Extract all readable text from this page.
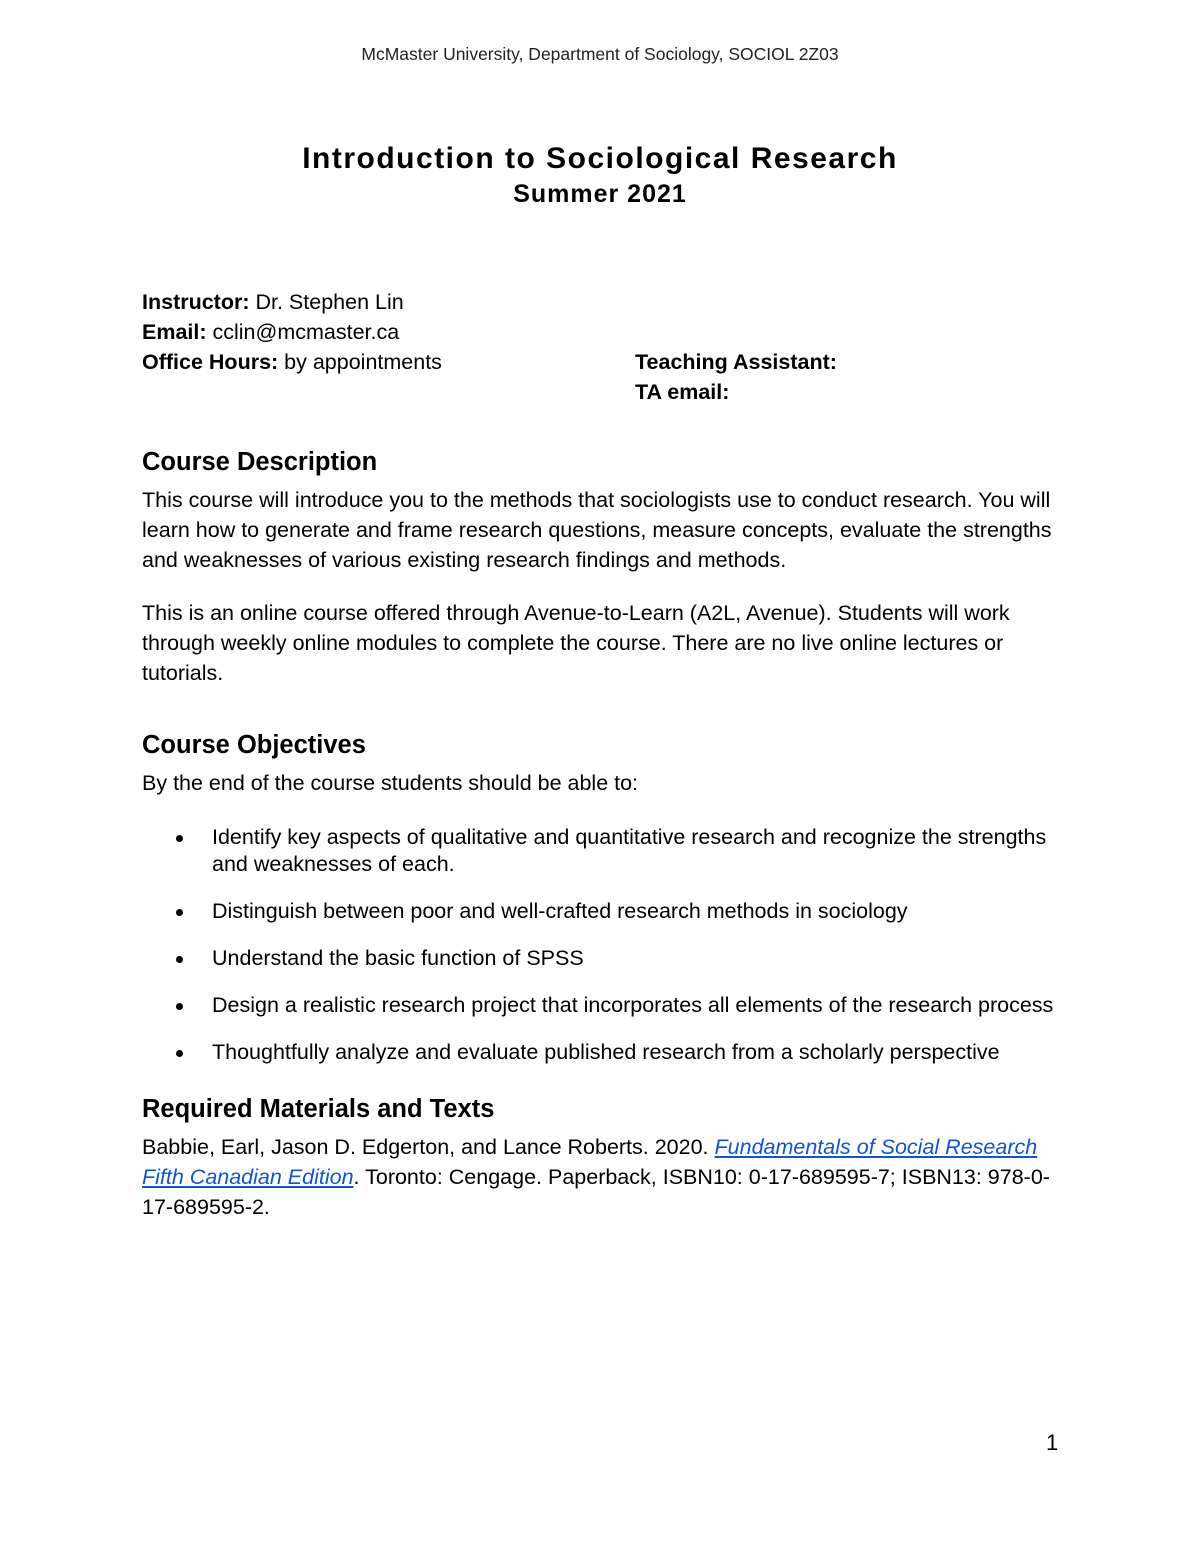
McMaster University, Department of Sociology, SOCIOL 2Z03
Introduction to Sociological Research
Summer 2021
Instructor: Dr. Stephen Lin
Email: cclin@mcmaster.ca
Office Hours: by appointments	Teaching Assistant:
TA email:
Course Description

This course will introduce you to the methods that sociologists use to conduct research. You will learn how to generate and frame research questions, measure concepts, evaluate the strengths and weaknesses of various existing research findings and methods.

This is an online course offered through Avenue-to-Learn (A2L, Avenue). Students will work through weekly online modules to complete the course. There are no live online lectures or tutorials.

Course Objectives

By the end of the course students should be able to:

Identify key aspects of qualitative and quantitative research and recognize the strengths and weaknesses of each.
Distinguish between poor and well-crafted research methods in sociology
Understand the basic function of SPSS
Design a realistic research project that incorporates all elements of the research process
Thoughtfully analyze and evaluate published research from a scholarly perspective
Required Materials and Texts

Babbie, Earl, Jason D. Edgerton, and Lance Roberts. 2020. Fundamentals of Social Research Fifth Canadian Edition. Toronto: Cengage. Paperback, ISBN10: 0-17-689595-7; ISBN13: 978-0-17-689595-2.

1
